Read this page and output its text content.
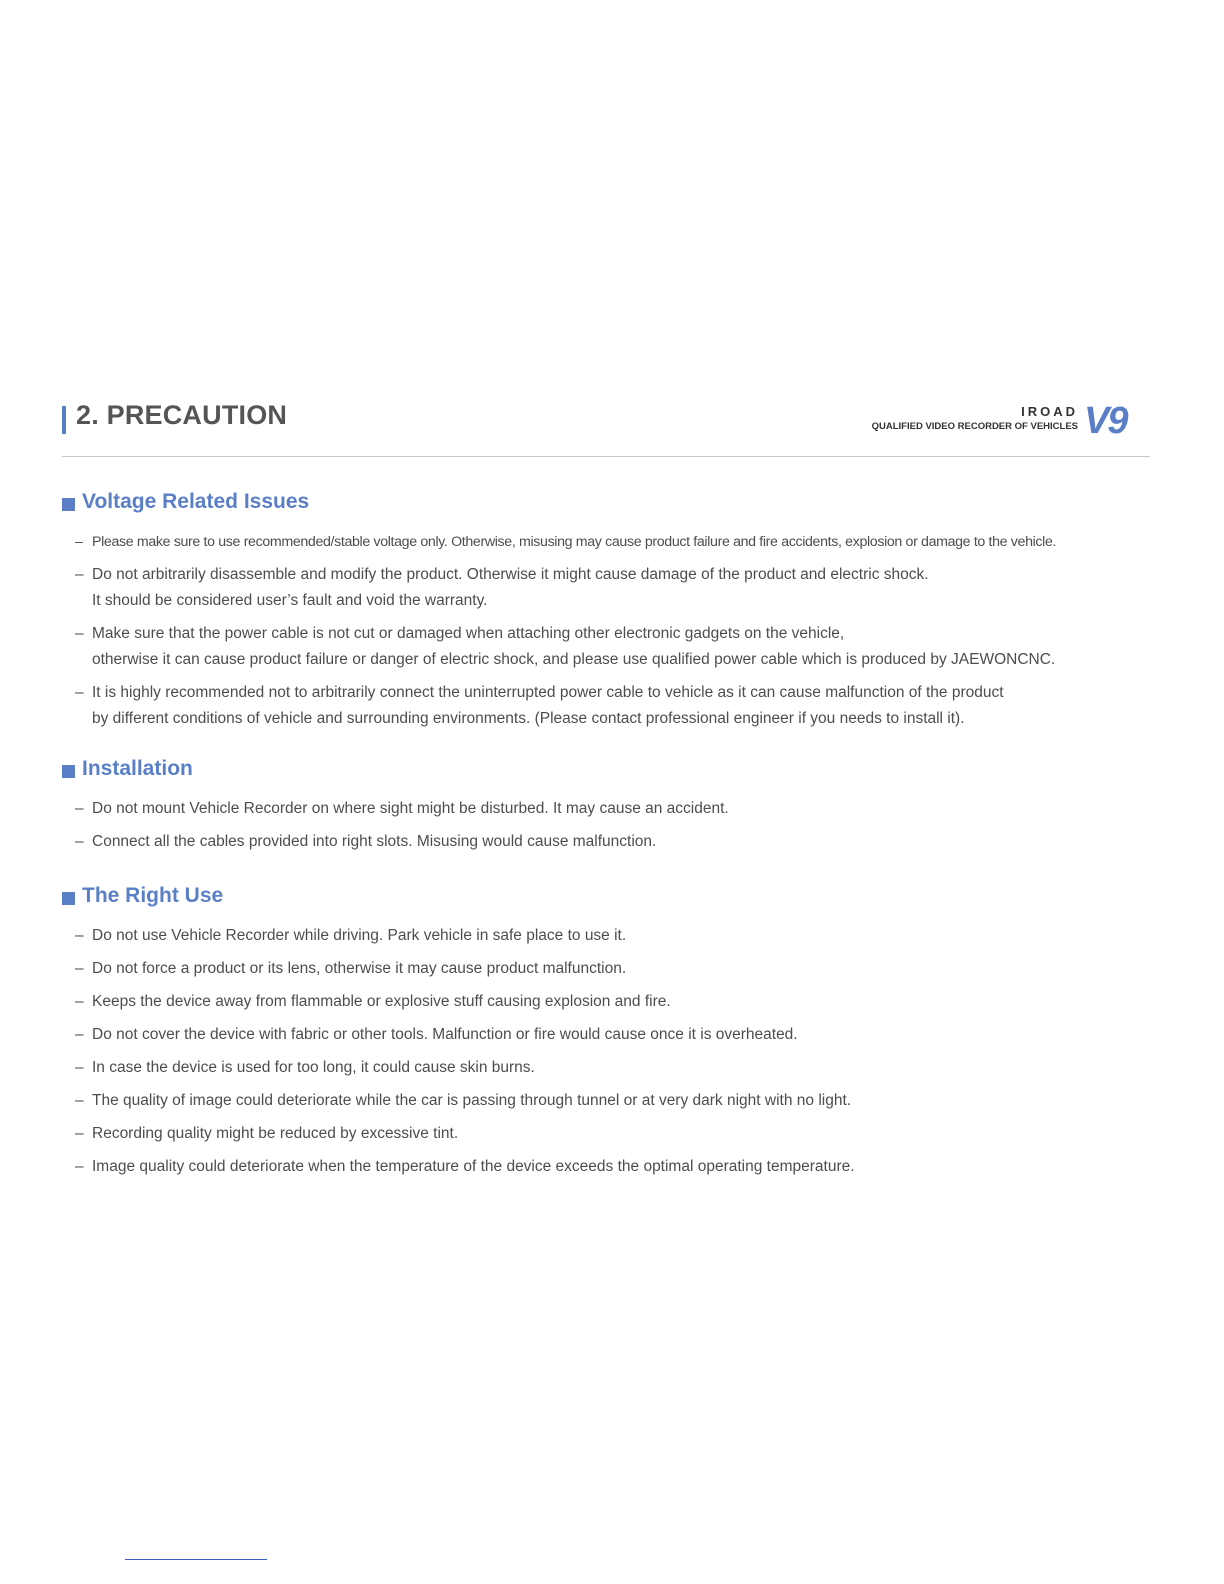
2. PRECAUTION	IROAD
QUALIFIED VIDEO RECORDER OF VEHICLES V9
Voltage Related Issues
– Please make sure to use recommended/stable voltage only. Otherwise, misusing may cause product failure and fire accidents, explosion or damage to the vehicle.
– Do not arbitrarily disassemble and modify the product. Otherwise it might cause damage of the product and electric shock.
It should be considered user’s fault and void the warranty.
– Make sure that the power cable is not cut or damaged when attaching other electronic gadgets on the vehicle,
otherwise it can cause product failure or danger of electric shock, and please use qualified power cable which is produced by JAEWONCNC.
– It is highly recommended not to arbitrarily connect the uninterrupted power cable to vehicle as it can cause malfunction of the product
by different conditions of vehicle and surrounding environments. (Please contact professional engineer if you needs to install it).
Installation
– Do not mount Vehicle Recorder on where sight might be disturbed. It may cause an accident.
– Connect all the cables provided into right slots. Misusing would cause malfunction.
The Right Use
– Do not use Vehicle Recorder while driving. Park vehicle in safe place to use it.
– Do not force a product or its lens, otherwise it may cause product malfunction.
– Keeps the device away from flammable or explosive stuff causing explosion and fire.
– Do not cover the device with fabric or other tools. Malfunction or fire would cause once it is overheated.
– In case the device is used for too long, it could cause skin burns.
– The quality of image could deteriorate while the car is passing through tunnel or at very dark night with no light.
– Recording quality might be reduced by excessive tint.
– Image quality could deteriorate when the temperature of the device exceeds the optimal operating temperature.
